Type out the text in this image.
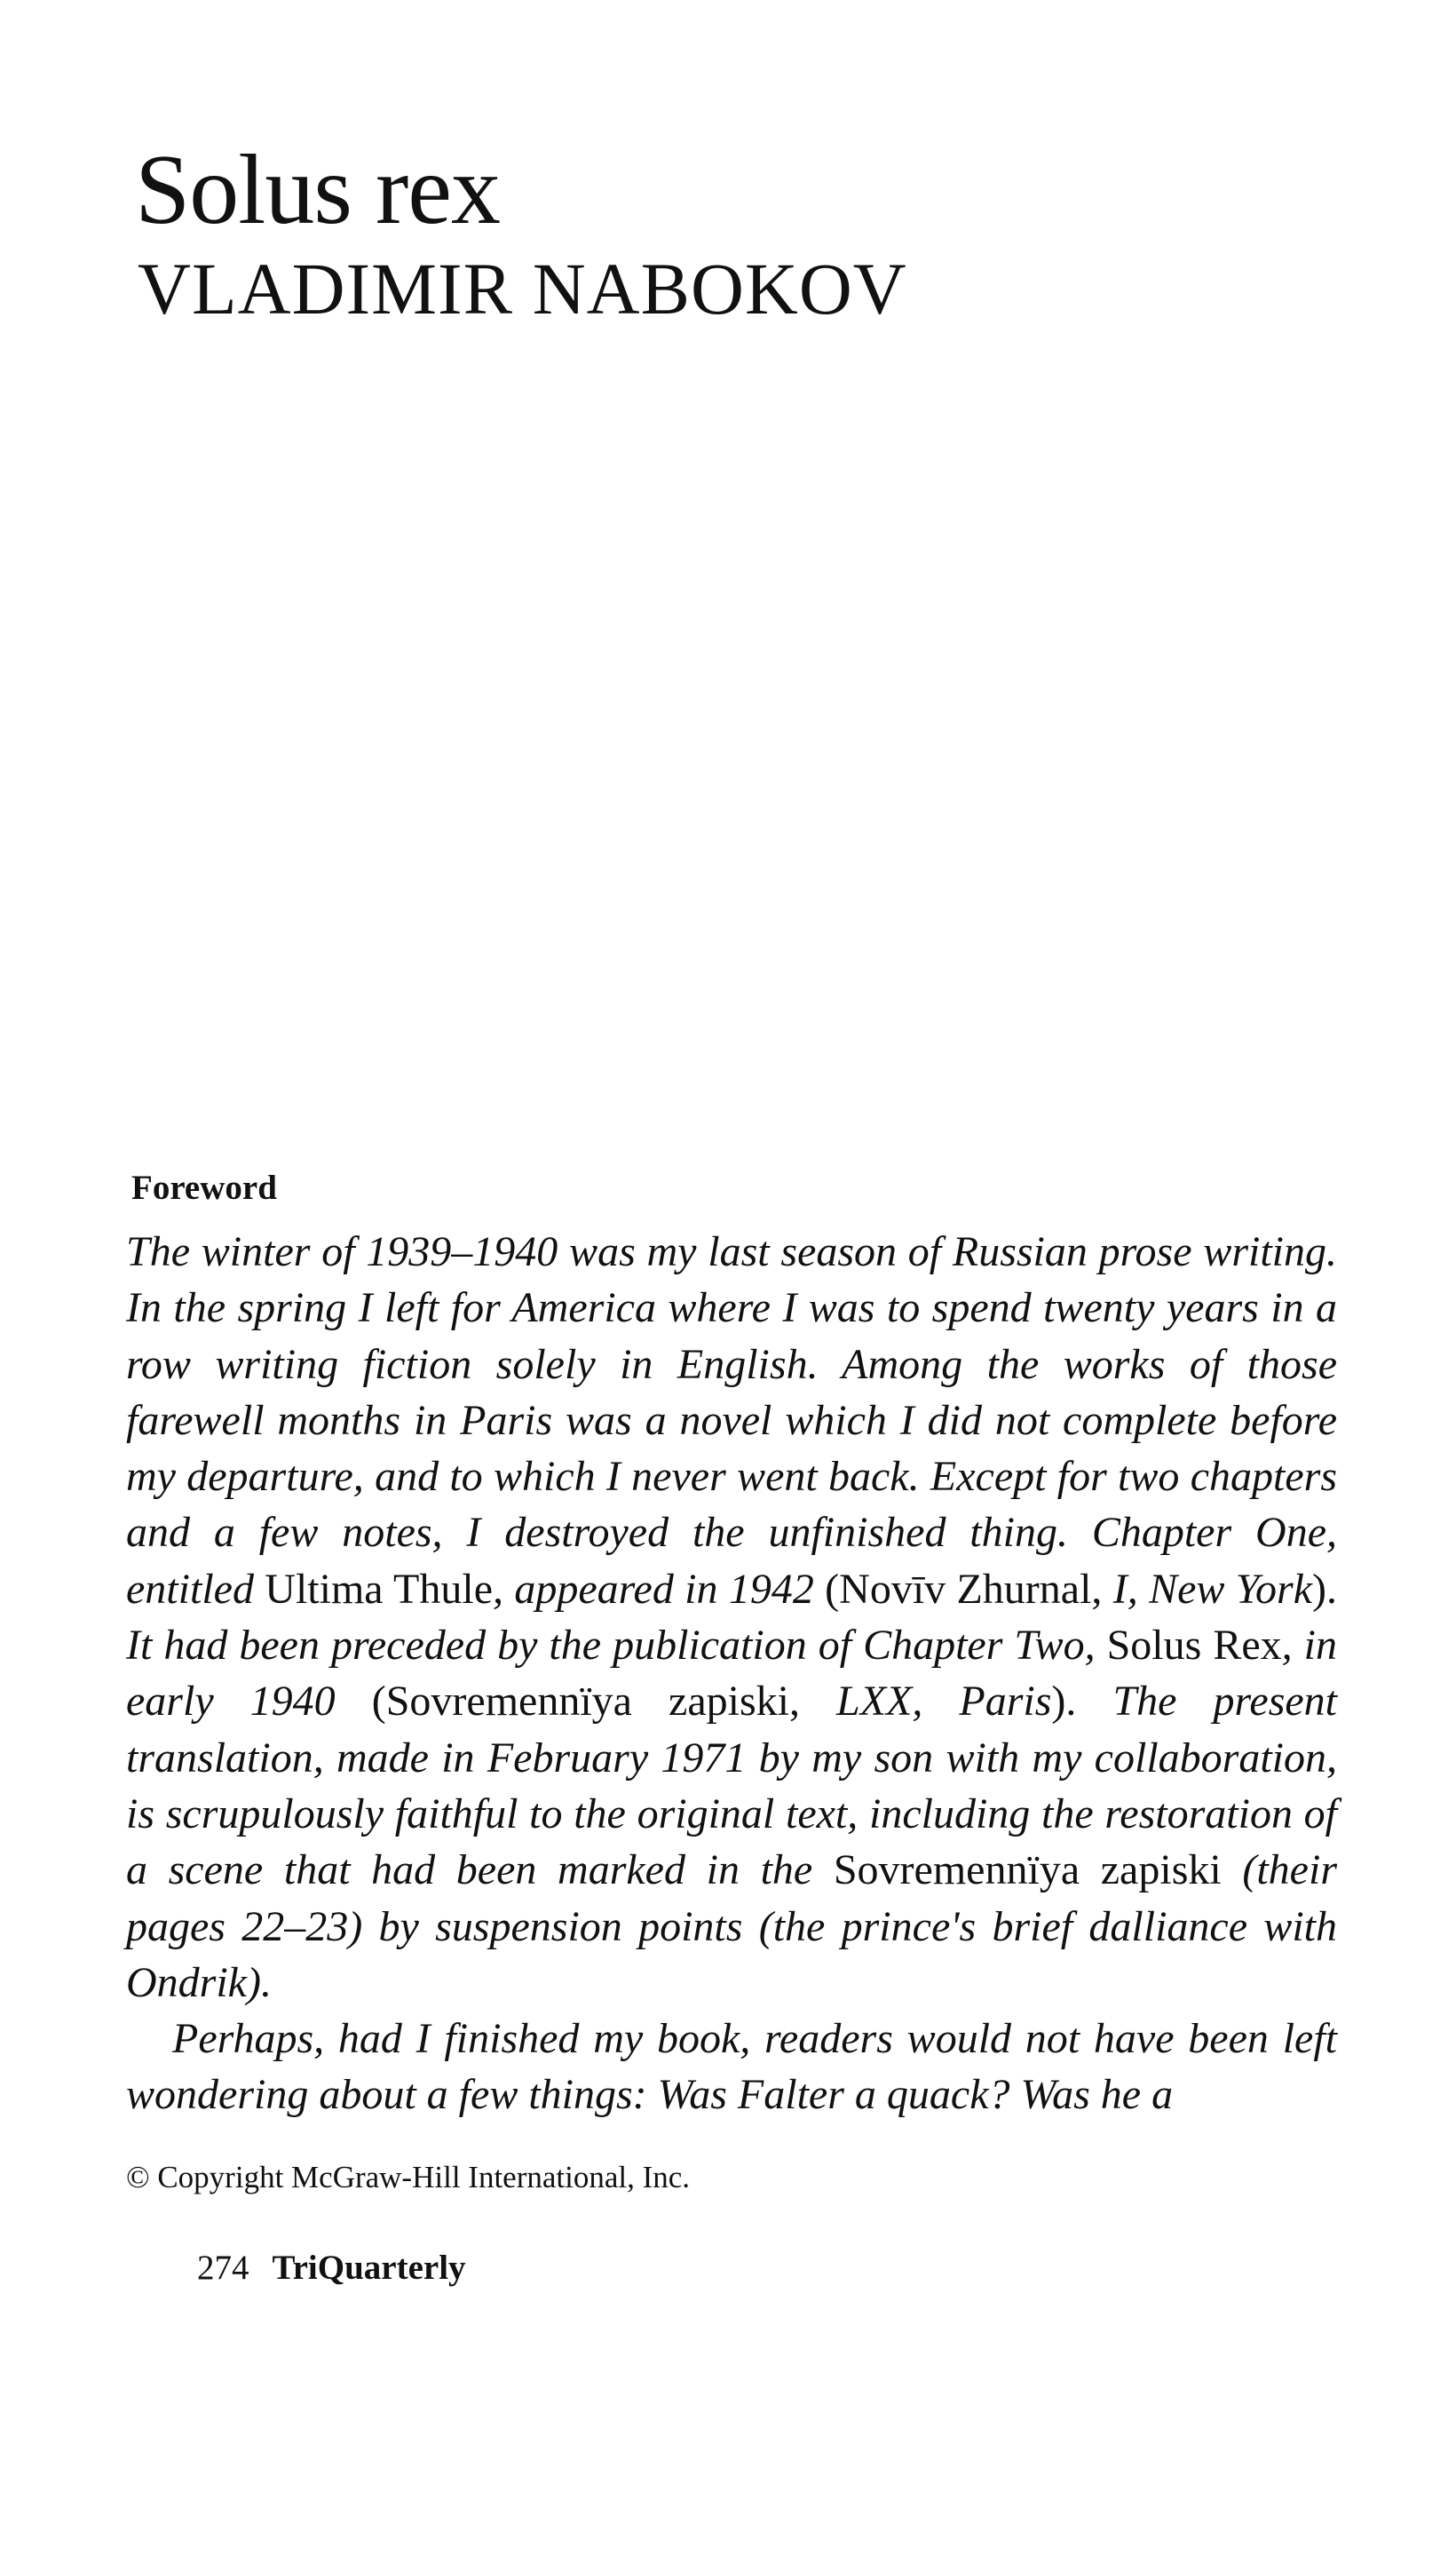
Solus rex
VLADIMIR NABOKOV
Foreword

The winter of 1939–1940 was my last season of Russian prose writing. In the spring I left for America where I was to spend twenty years in a row writing fiction solely in English. Among the works of those farewell months in Paris was a novel which I did not complete before my departure, and to which I never went back. Except for two chapters and a few notes, I destroyed the unfinished thing. Chapter One, entitled Ultima Thule, appeared in 1942 (Novīv Zhurnal, I, New York). It had been preceded by the publication of Chapter Two, Solus Rex, in early 1940 (Sovremennïya zapiski, LXX, Paris). The present translation, made in February 1971 by my son with my collaboration, is scrupulously faithful to the original text, including the restoration of a scene that had been marked in the Sovremennïya zapiski (their pages 22–23) by suspension points (the prince's brief dalliance with Ondrik).

Perhaps, had I finished my book, readers would not have been left wondering about a few things: Was Falter a quack? Was he a

© Copyright McGraw-Hill International, Inc.

274 TriQuarterly
